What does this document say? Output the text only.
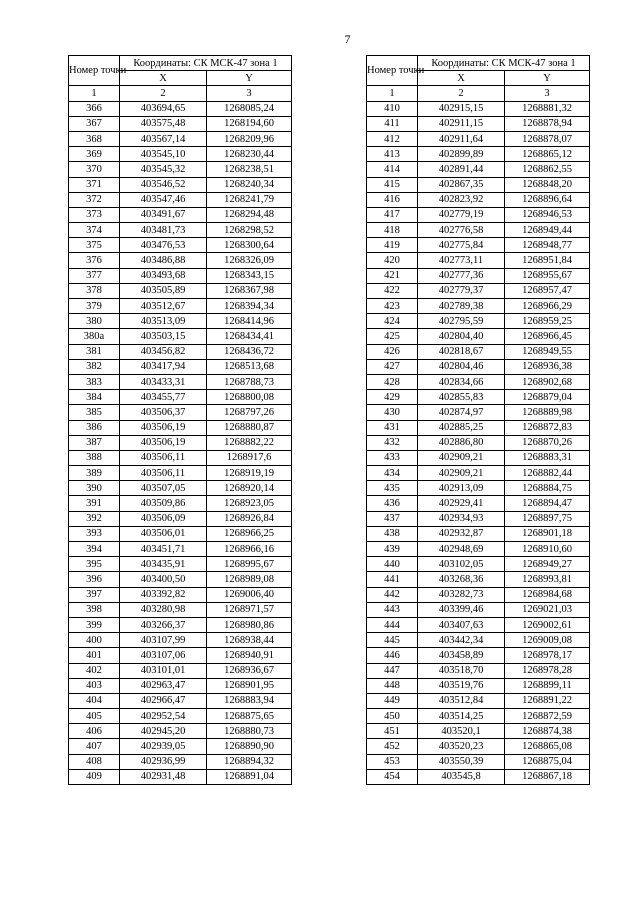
7
Номер точки	Координаты: СК МСК-47 зона 1	
	X	Y
1	2	3
366	403694,65	1268085,24
367	403575,48	1268194,60
368	403567,14	1268209,96
369	403545,10	1268230,44
370	403545,32	1268238,51
371	403546,52	1268240,34
372	403547,46	1268241,79
373	403491,67	1268294,48
374	403481,73	1268298,52
375	403476,53	1268300,64
376	403486,88	1268326,09
377	403493,68	1268343,15
378	403505,89	1268367,98
379	403512,67	1268394,34
380	403513,09	1268414,96
380а	403503,15	1268434,41
381	403456,82	1268436,72
382	403417,94	1268513,68
383	403433,31	1268788,73
384	403455,77	1268800,08
385	403506,37	1268797,26
386	403506,19	1268880,87
387	403506,19	1268882,22
388	403506,11	1268917,6
389	403506,11	1268919,19
390	403507,05	1268920,14
391	403509,86	1268923,05
392	403506,09	1268926,84
393	403506,01	1268966,25
394	403451,71	1268966,16
395	403435,91	1268995,67
396	403400,50	1268989,08
397	403392,82	1269006,40
398	403280,98	1268971,57
399	403266,37	1268980,86
400	403107,99	1268938,44
401	403107,06	1268940,91
402	403101,01	1268936,67
403	402963,47	1268901,95
404	402966,47	1268883,94
405	402952,54	1268875,65
406	402945,20	1268880,73
407	402939,05	1268890,90
408	402936,99	1268894,32
409	402931,48	1268891,04
Номер точки	Координаты: СК МСК-47 зона 1	
	X	Y
1	2	3
410	402915,15	1268881,32
411	402911,15	1268878,94
412	402911,64	1268878,07
413	402899,89	1268865,12
414	402891,44	1268862,55
415	402867,35	1268848,20
416	402823,92	1268896,64
417	402779,19	1268946,53
418	402776,58	1268949,44
419	402775,84	1268948,77
420	402773,11	1268951,84
421	402777,36	1268955,67
422	402779,37	1268957,47
423	402789,38	1268966,29
424	402795,59	1268959,25
425	402804,40	1268966,45
426	402818,67	1268949,55
427	402804,46	1268936,38
428	402834,66	1268902,68
429	402855,83	1268879,04
430	402874,97	1268889,98
431	402885,25	1268872,83
432	402886,80	1268870,26
433	402909,21	1268883,31
434	402909,21	1268882,44
435	402913,09	1268884,75
436	402929,41	1268894,47
437	402934,93	1268897,75
438	402932,87	1268901,18
439	402948,69	1268910,60
440	403102,05	1268949,27
441	403268,36	1268993,81
442	403282,73	1268984,68
443	403399,46	1269021,03
444	403407,63	1269002,61
445	403442,34	1269009,08
446	403458,89	1268978,17
447	403518,70	1268978,28
448	403519,76	1268899,11
449	403512,84	1268891,22
450	403514,25	1268872,59
451	403520,1	1268874,38
452	403520,23	1268865,08
453	403550,39	1268875,04
454	403545,8	1268867,18
